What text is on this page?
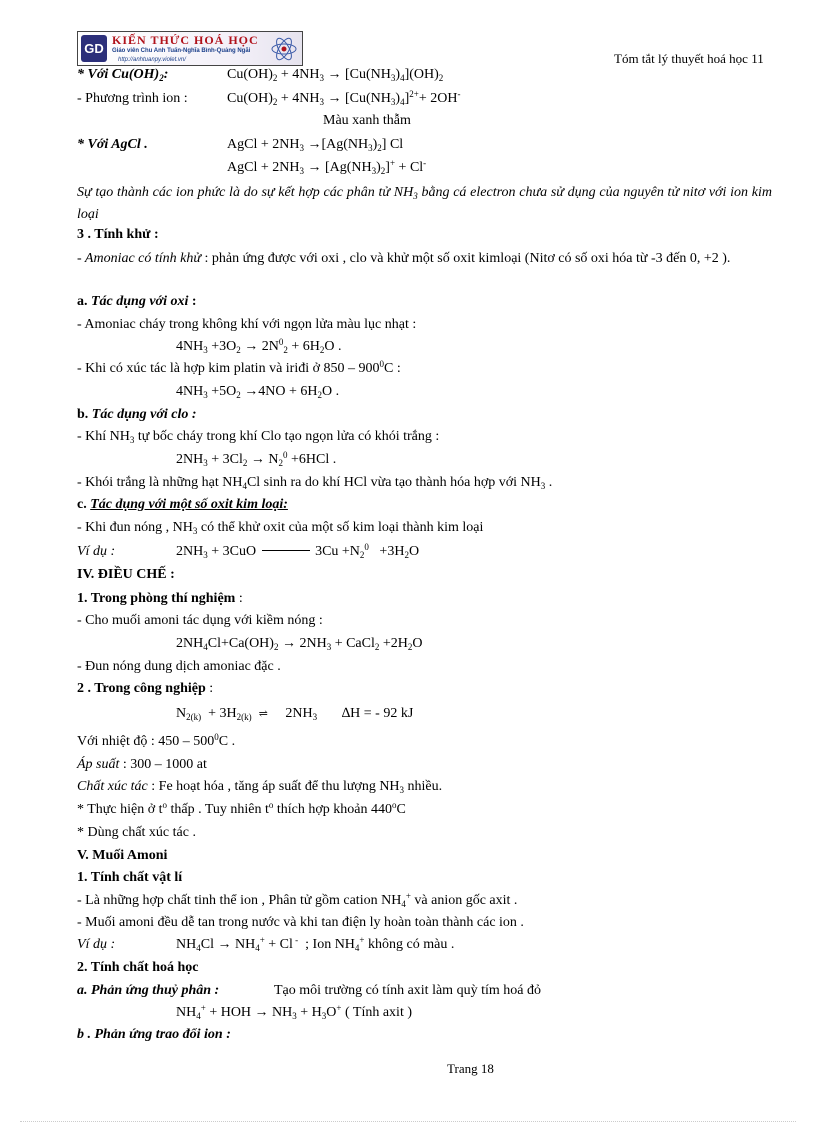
GD
KIẾN THỨC HOÁ HỌC
Giáo viên Chu Anh Tuấn-Nghĩa Bình-Quảng Ngãi
http://anhtuanpy.violet.vn/	Tóm tắt lý thuyết hoá học 11
* Với $Cu(OH)_2$:	$Cu(OH)_2 + 4NH_3 \to [Cu(NH_3)_4](OH)_2$
- Phương trình ion :	$Cu(OH)_2 + 4NH_3 \to [Cu(NH_3)_4]^{2+}+ 2OH^-$
Màu xanh thẫm
* Với AgCl .	AgCl + $2NH_3 \to[Ag(NH_3)_2]$ Cl
AgCl + $2NH_3 \to [Ag(NH_3)_2]^+ + Cl^-$
Sự tạo thành các ion phức là do sự kết hợp các phân tử $NH_3$ bằng cá electron chưa sử dụng của nguyên tử nitơ với ion kim loại
3 . Tính khử :
- Amoniac có tính khử : phản ứng được với oxi , clo và khử một số oxit kimloại (Nitơ có số oxi hóa từ -3 đến 0, +2 ).
a. Tác dụng với oxi :
- Amoniac cháy trong không khí với ngọn lửa màu lục nhạt :
$4NH_3 +3O_2 \to 2N^0_2 + 6H_2O$ .
- Khi có xúc tác là hợp kim platin và iriđi ở $850 - 900^0C$ :
$4NH_3 +5O_2 \to 4NO + 6H_2O$ .
b. Tác dụng với clo :
- Khí $NH_3$ tự bốc cháy trong khí Clo tạo ngọn lửa có khói trắng :
$2NH_3 + 3Cl_2 \to N_2^0 +6HCl$ .
- Khói trắng là những hạt $NH_4Cl$ sinh ra do khí HCl vừa tạo thành hóa hợp với $NH_3$ .
c. Tác dụng với một số oxit kim loại:
- Khi đun nóng , $NH_3$ có thể khử oxit của một số kim loại thành kim loại
Ví dụ :	$2NH_3 + 3CuO$	$3Cu +N_2^0 +3H_2O$
IV. ĐIỀU CHẾ :
1. Trong phòng thí nghiệm :
- Cho muối amoni tác dụng với kiềm nóng :
$2NH_4Cl+Ca(OH)_2 \to 2NH_3$ + CaCl$_2$ $+2H_2O$
- Đun nóng dung dịch amoniac đặc .
2 . Trong công nghiệp :
$N_{2(k)} + 3H_{2(k)}$ ⇌     $2NH_3$       ∆H = - 92 kJ
Với nhiệt độ : $450 - 500^0C$ .
Áp suất : 300 – 1000 at
Chất xúc tác : Fe hoạt hóa , tăng áp suất để thu lượng $NH_3$ nhiều.
* Thực hiện ở $t^o$ thấp . Tuy nhiên $t^o$ thích hợp khoản 440$^o$C
* Dùng chất xúc tác .
V. Muối Amoni
1. Tính chất vật lí
- Là những hợp chất tinh thể ion , Phân tử gồm cation $NH_4^+$ và anion gốc axit .
- Muối amoni đều dễ tan trong nước và khi tan điện ly hoàn toàn thành các ion .
Ví dụ :	$NH_4Cl \to NH_4^+ + Cl$ -  ; Ion $NH_4^+$ không có màu .
2. Tính chất hoá học
a. Phản ứng thuỷ phân :	Tạo môi trường có tính axit làm quỳ tím hoá đỏ
$NH_4^+$ + HOH → $NH_3 + H_3O^+$ ( Tính axit )
b . Phản ứng trao đổi ion :
Trang 18
